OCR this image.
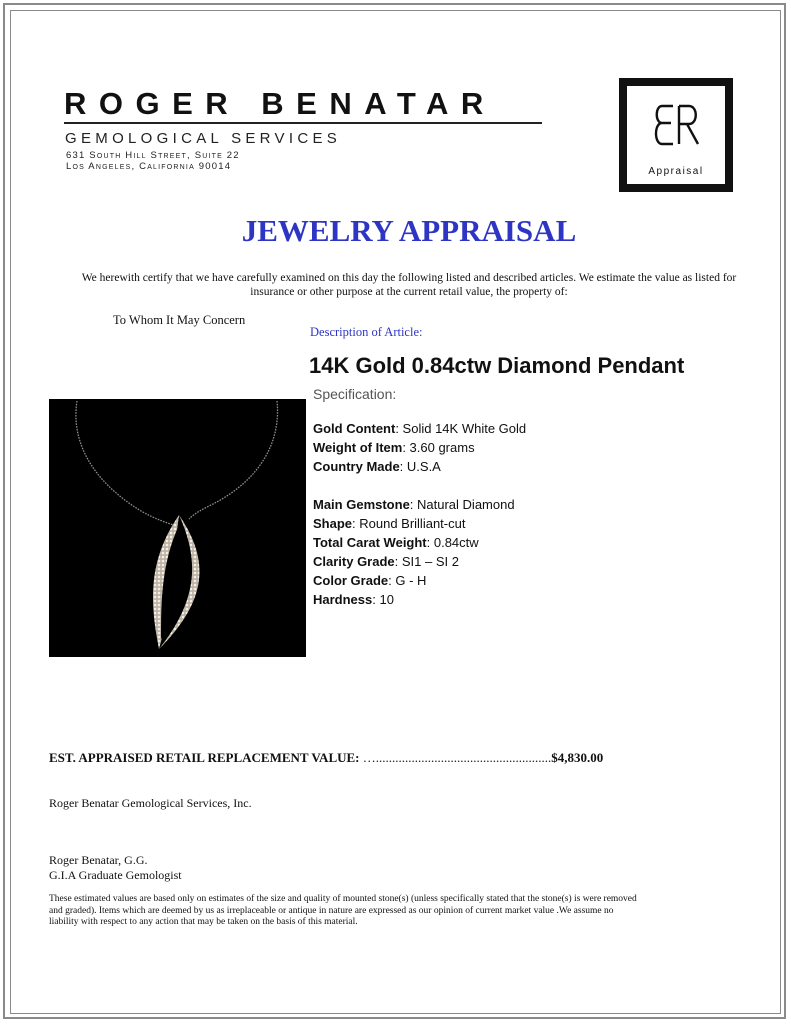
ROGER BENATAR
GEMOLOGICAL SERVICES
631 South Hill Street, Suite 22
Los Angeles, California 90014	Appraisal
JEWELRY APPRAISAL
We herewith certify that we have carefully examined on this day the following listed and described articles. We estimate the value as listed for insurance or other purpose at the current retail value, the property of:
To Whom It May Concern
Description of Article:
14K Gold 0.84ctw Diamond Pendant
Specification:
Gold Content: Solid 14K White Gold
Weight of Item: 3.60 grams
Country Made: U.S.A
Main Gemstone: Natural Diamond
Shape: Round Brilliant-cut
Total Carat Weight: 0.84ctw
Clarity Grade: SI1 – SI 2
Color Grade: G - H
Hardness: 10
EST. APPRAISED RETAIL REPLACEMENT VALUE: …......................................................$4,830.00
Roger Benatar Gemological Services, Inc.
Roger Benatar, G.G.
G.I.A Graduate Gemologist
These estimated values are based only on estimates of the size and quality of mounted stone(s) (unless specifically stated that the stone(s) is were removed and graded). Items which are deemed by us as irreplaceable or antique in nature are expressed as our opinion of current market value .We assume no liability with respect to any action that may be taken on the basis of this material.
